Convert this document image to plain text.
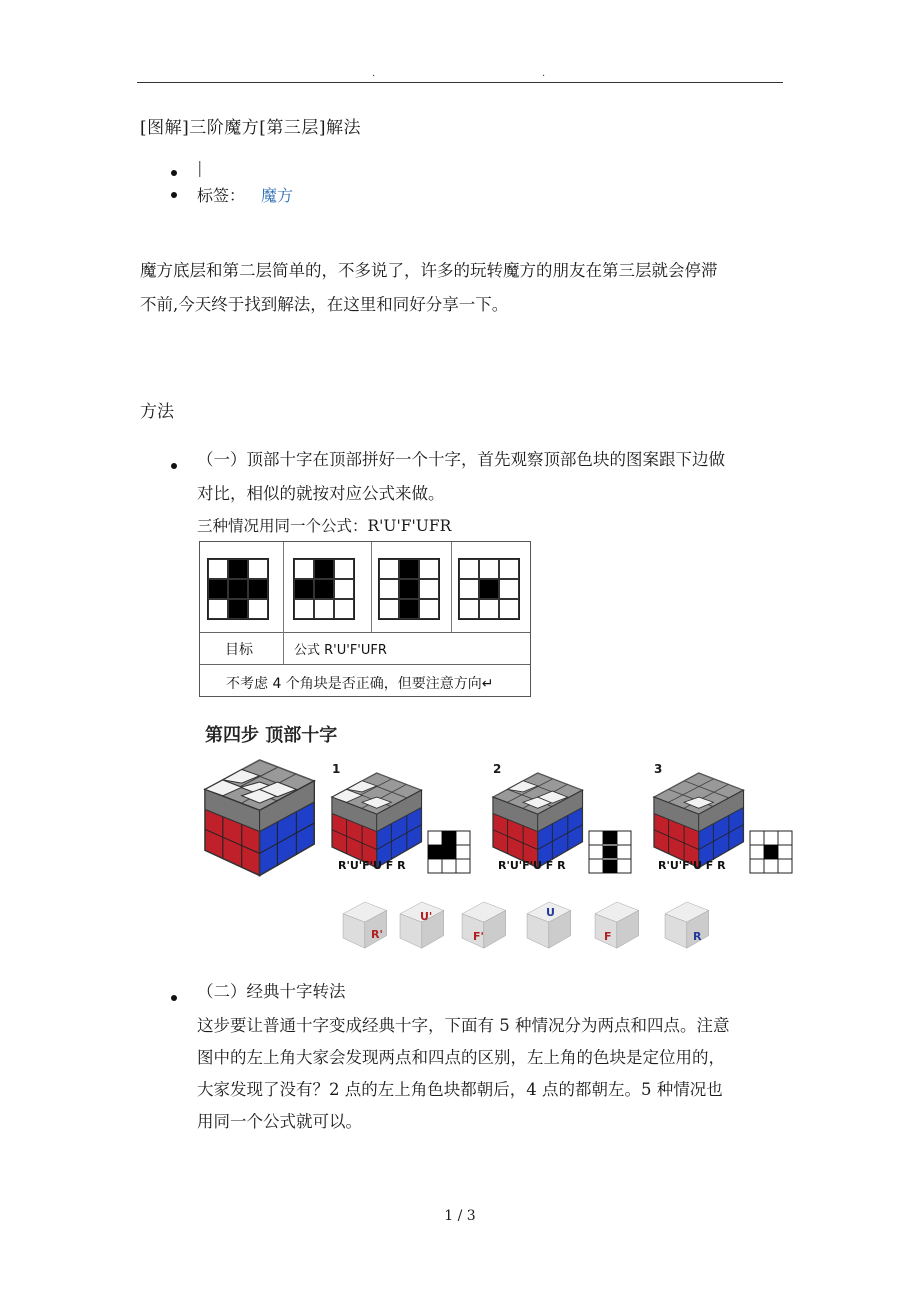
.	.
[图解]三阶魔方[第三层]解法
|
标签： 魔方
魔方底层和第二层简单的，不多说了，许多的玩转魔方的朋友在第三层就会停滞
不前,今天终于找到解法，在这里和同好分享一下。
方法
（一）顶部十字在顶部拼好一个十字，首先观察顶部色块的图案跟下边做
对比，相似的就按对应公式来做。
三种情况用同一个公式：R'U'F'UFR
目标	公式 R'U'F'UFR
不考虑 4 个角块是否正确，但要注意方向↵
第四步 顶部十字
1	2	3
R'U'F'U F R	R'U'F'U F R	R'U'F'U F R
R'
U'
F'
U
F	R
（二）经典十字转法
这步要让普通十字变成经典十字，下面有 5 种情况分为两点和四点。注意
图中的左上角大家会发现两点和四点的区别，左上角的色块是定位用的，
大家发现了没有？2 点的左上角色块都朝后，4 点的都朝左。5 种情况也
用同一个公式就可以。
1 / 3
